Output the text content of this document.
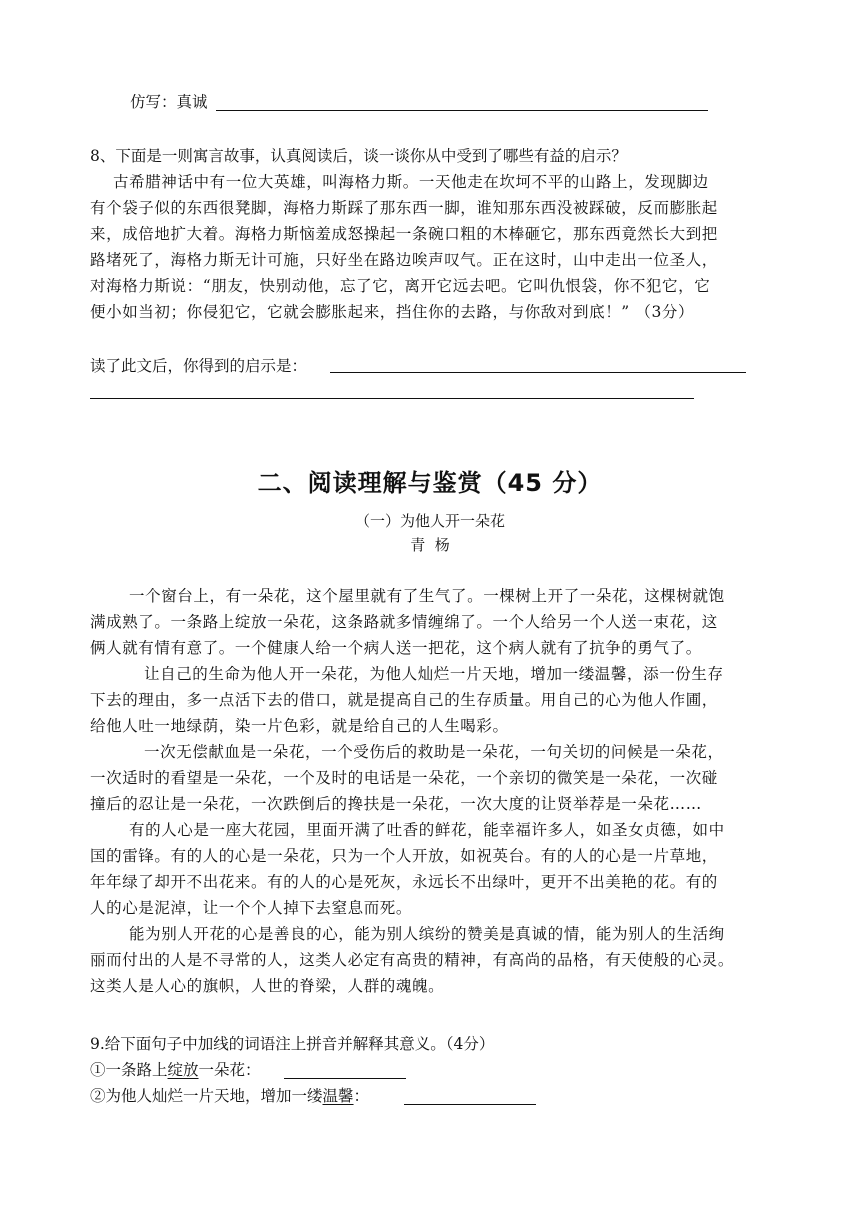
仿写：真诚
8、下面是一则寓言故事，认真阅读后，谈一谈你从中受到了哪些有益的启示？
古希腊神话中有一位大英雄，叫海格力斯。一天他走在坎坷不平的山路上，发现脚边
有个袋子似的东西很凳脚，海格力斯踩了那东西一脚，谁知那东西没被踩破，反而膨胀起
来，成倍地扩大着。海格力斯恼羞成怒操起一条碗口粗的木棒砸它，那东西竟然长大到把
路堵死了，海格力斯无计可施，只好坐在路边唉声叹气。正在这时，山中走出一位圣人，
对海格力斯说：“朋友，快别动他，忘了它，离开它远去吧。它叫仇恨袋，你不犯它，它
便小如当初；你侵犯它，它就会膨胀起来，挡住你的去路，与你敌对到底！” （3分）
读了此文后，你得到的启示是：
二、阅读理解与鉴赏（45 分）
（一）为他人开一朵花
青  杨
一个窗台上，有一朵花，这个屋里就有了生气了。一棵树上开了一朵花，这棵树就饱
满成熟了。一条路上绽放一朵花，这条路就多情缠绵了。一个人给另一个人送一束花，这
俩人就有情有意了。一个健康人给一个病人送一把花，这个病人就有了抗争的勇气了。
让自己的生命为他人开一朵花，为他人灿烂一片天地，增加一缕温馨，添一份生存
下去的理由，多一点活下去的借口，就是提高自己的生存质量。用自己的心为他人作圃，
给他人吐一地绿荫，染一片色彩，就是给自己的人生喝彩。
一次无偿献血是一朵花，一个受伤后的救助是一朵花，一句关切的问候是一朵花，
一次适时的看望是一朵花，一个及时的电话是一朵花，一个亲切的微笑是一朵花，一次碰
撞后的忍让是一朵花，一次跌倒后的搀扶是一朵花，一次大度的让贤举荐是一朵花……
有的人心是一座大花园，里面开满了吐香的鲜花，能幸福许多人，如圣女贞德，如中
国的雷锋。有的人的心是一朵花，只为一个人开放，如祝英台。有的人的心是一片草地，
年年绿了却开不出花来。有的人的心是死灰，永远长不出绿叶，更开不出美艳的花。有的
人的心是泥淖，让一个个人掉下去窒息而死。
能为别人开花的心是善良的心，能为别人缤纷的赞美是真诚的情，能为别人的生活绚
丽而付出的人是不寻常的人，这类人必定有高贵的精神，有高尚的品格，有天使般的心灵。
这类人是人心的旗帜，人世的脊梁，人群的魂魄。
9.给下面句子中加线的词语注上拼音并解释其意义。（4分）
①一条路上绽放一朵花：
②为他人灿烂一片天地，增加一缕温馨：
